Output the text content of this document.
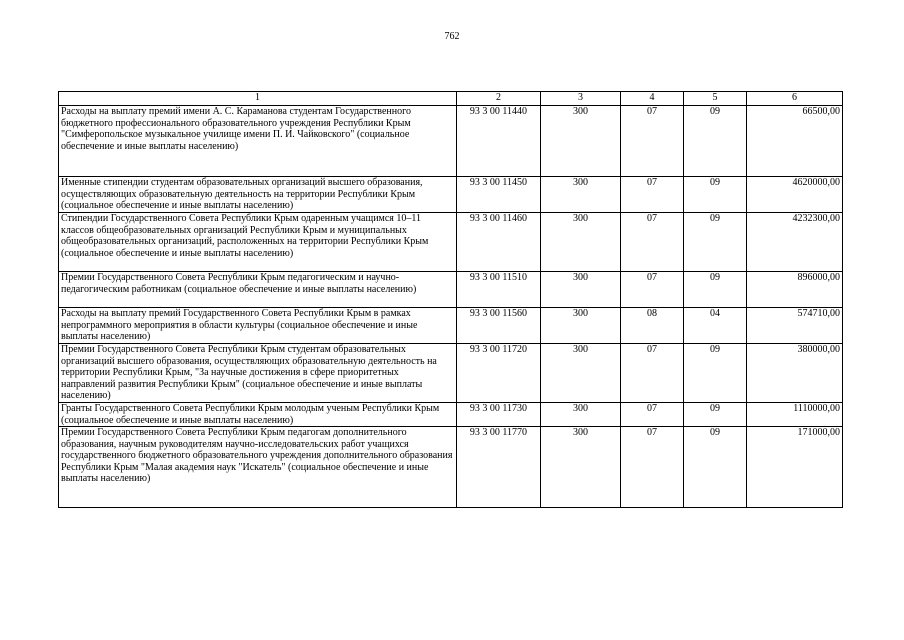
762
1	2	3	4	5	6
Расходы на выплату премий имени А. С. Караманова студентам Государственного бюджетного профессионального образовательного учреждения Республики Крым "Симферопольское музыкальное училище имени П. И. Чайковского" (социальное обеспечение и иные выплаты населению)	93 3 00 11440	300	07	09	66500,00
Именные стипендии студентам образовательных организаций высшего образования, осуществляющих образовательную деятельность на территории Республики Крым (социальное обеспечение и иные выплаты населению)	93 3 00 11450	300	07	09	4620000,00
Стипендии Государственного Совета Республики Крым одаренным учащимся 10–11 классов общеобразовательных организаций Республики Крым и муниципальных общеобразовательных организаций, расположенных на территории Республики Крым (социальное обеспечение и иные выплаты населению)	93 3 00 11460	300	07	09	4232300,00
Премии Государственного Совета Республики Крым педагогическим и научно-педагогическим работникам (социальное обеспечение и иные выплаты населению)	93 3 00 11510	300	07	09	896000,00
Расходы на выплату премий Государственного Совета Республики Крым в рамках непрограммного мероприятия в области культуры (социальное обеспечение и иные выплаты населению)	93 3 00 11560	300	08	04	574710,00
Премии Государственного Совета Республики Крым студентам образовательных организаций высшего образования, осуществляющих образовательную деятельность на территории Республики Крым, "За научные достижения в сфере приоритетных направлений развития Республики Крым" (социальное обеспечение и иные выплаты населению)	93 3 00 11720	300	07	09	380000,00
Гранты Государственного Совета Республики Крым молодым ученым Республики Крым (социальное обеспечение и иные выплаты населению)	93 3 00 11730	300	07	09	1110000,00
Премии Государственного Совета Республики Крым педагогам дополнительного образования, научным руководителям научно-исследовательских работ учащихся государственного бюджетного образовательного учреждения дополнительного образования Республики Крым "Малая академия наук "Искатель" (социальное обеспечение и иные выплаты населению)	93 3 00 11770	300	07	09	171000,00
